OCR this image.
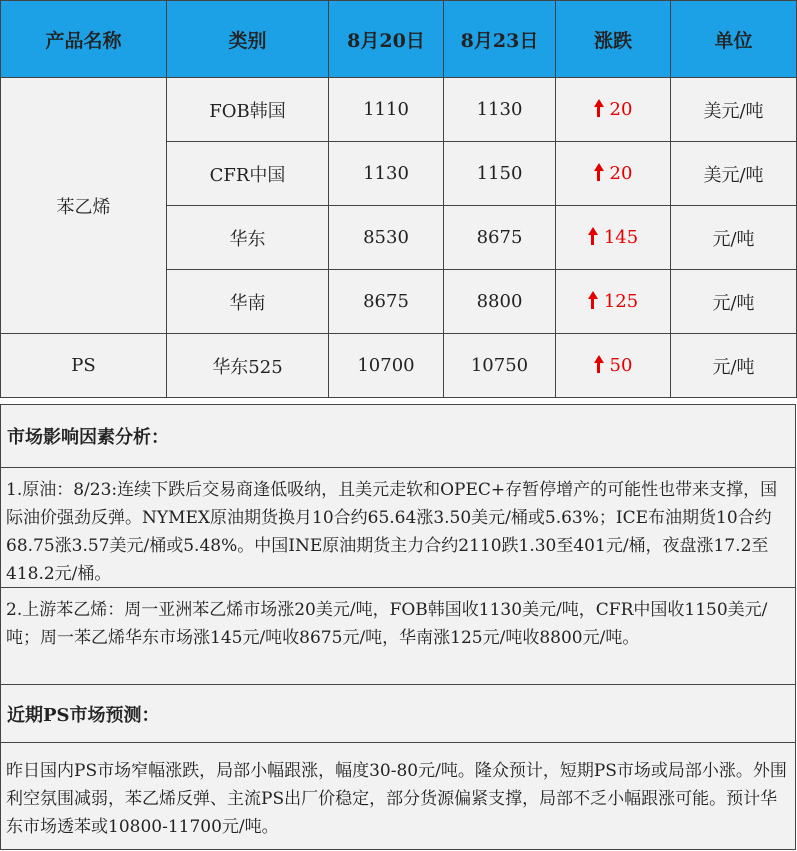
产品名称	类别	8月20日	8月23日	涨跌	单位
苯乙烯	FOB韩国	1110	1130	20	美元/吨
	CFR中国	1130	1150	20	美元/吨
	华东	8530	8675	145	元/吨
	华南	8675	8800	125	元/吨
PS	华东525	10700	10750	50	元/吨
市场影响因素分析：
1.原油：8/23:连续下跌后交易商逢低吸纳，且美元走软和OPEC+存暂停增产的可能性也带来支撑，国际油价强劲反弹。NYMEX原油期货换月10合约65.64涨3.50美元/桶或5.63%；ICE布油期货10合约68.75涨3.57美元/桶或5.48%。中国INE原油期货主力合约2110跌1.30至401元/桶，夜盘涨17.2至418.2元/桶。
2.上游苯乙烯：周一亚洲苯乙烯市场涨20美元/吨，FOB韩国收1130美元/吨，CFR中国收1150美元/吨；周一苯乙烯华东市场涨145元/吨收8675元/吨，华南涨125元/吨收8800元/吨。
近期PS市场预测：
昨日国内PS市场窄幅涨跌，局部小幅跟涨，幅度30-80元/吨。隆众预计，短期PS市场或局部小涨。外围利空氛围减弱，苯乙烯反弹、主流PS出厂价稳定，部分货源偏紧支撑，局部不乏小幅跟涨可能。预计华东市场透苯或10800-11700元/吨。
